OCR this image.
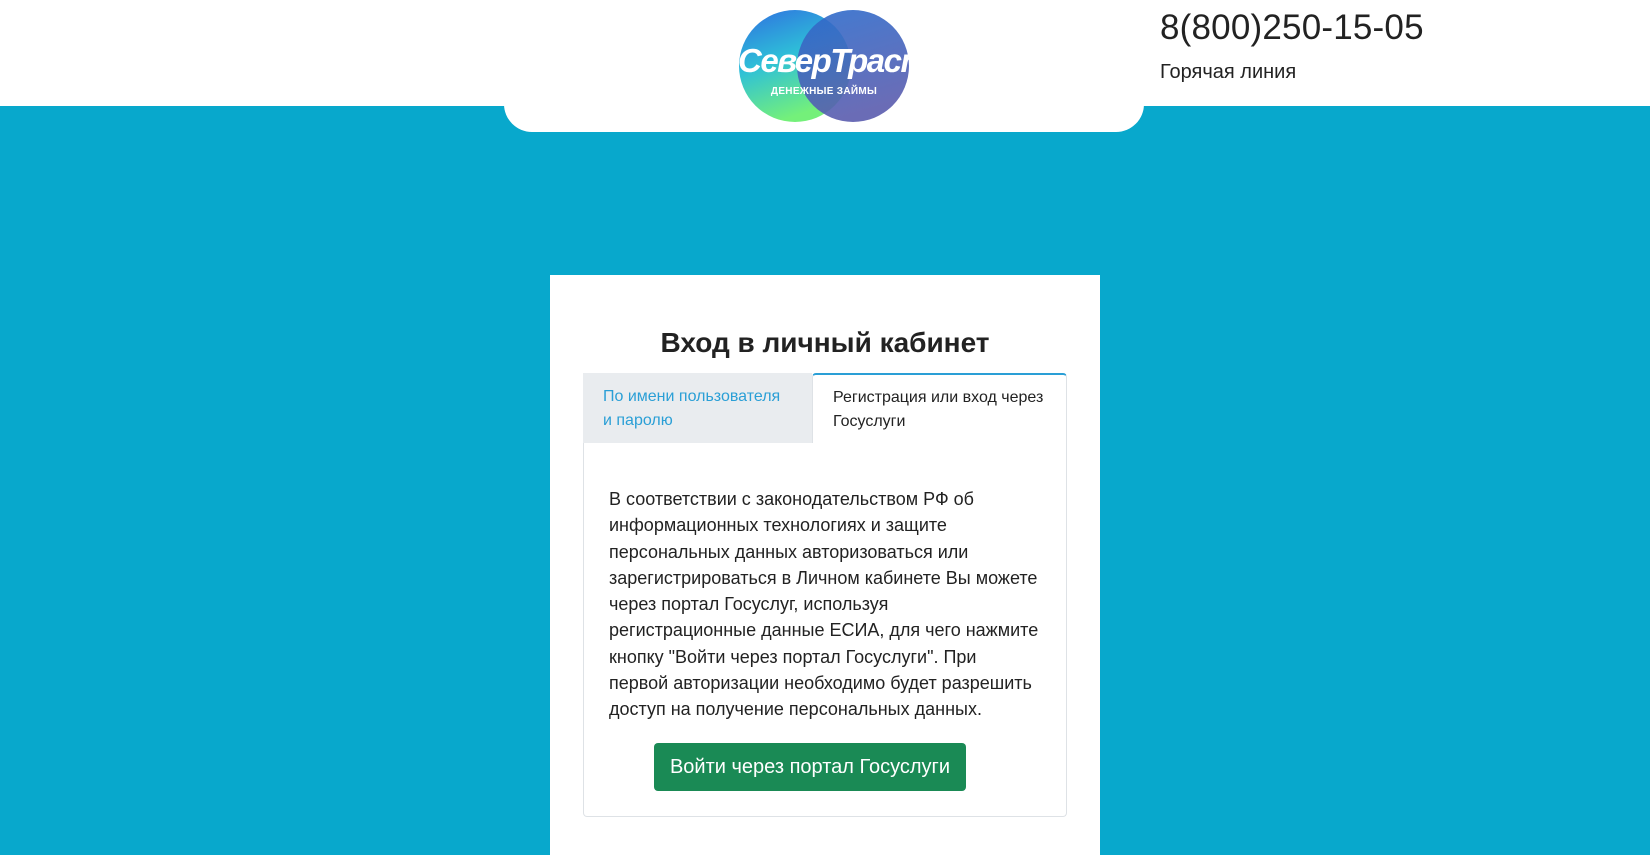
СеверТраст
ДЕНЕЖНЫЕ ЗАЙМЫ
8(800)250-15-05
Горячая линия
Вход в личный кабинет
По имени пользователя и паролю
Регистрация или вход через Госуслуги

В соответствии с законодательством РФ об информационных технологиях и защите персональных данных авторизоваться или зарегистрироваться в Личном кабинете Вы можете через портал Госуслуг, используя регистрационные данные ЕСИА, для чего нажмите кнопку "Войти через портал Госуслуги". При первой авторизации необходимо будет разрешить доступ на получение персональных данных.

Войти через портал Госуслуги
